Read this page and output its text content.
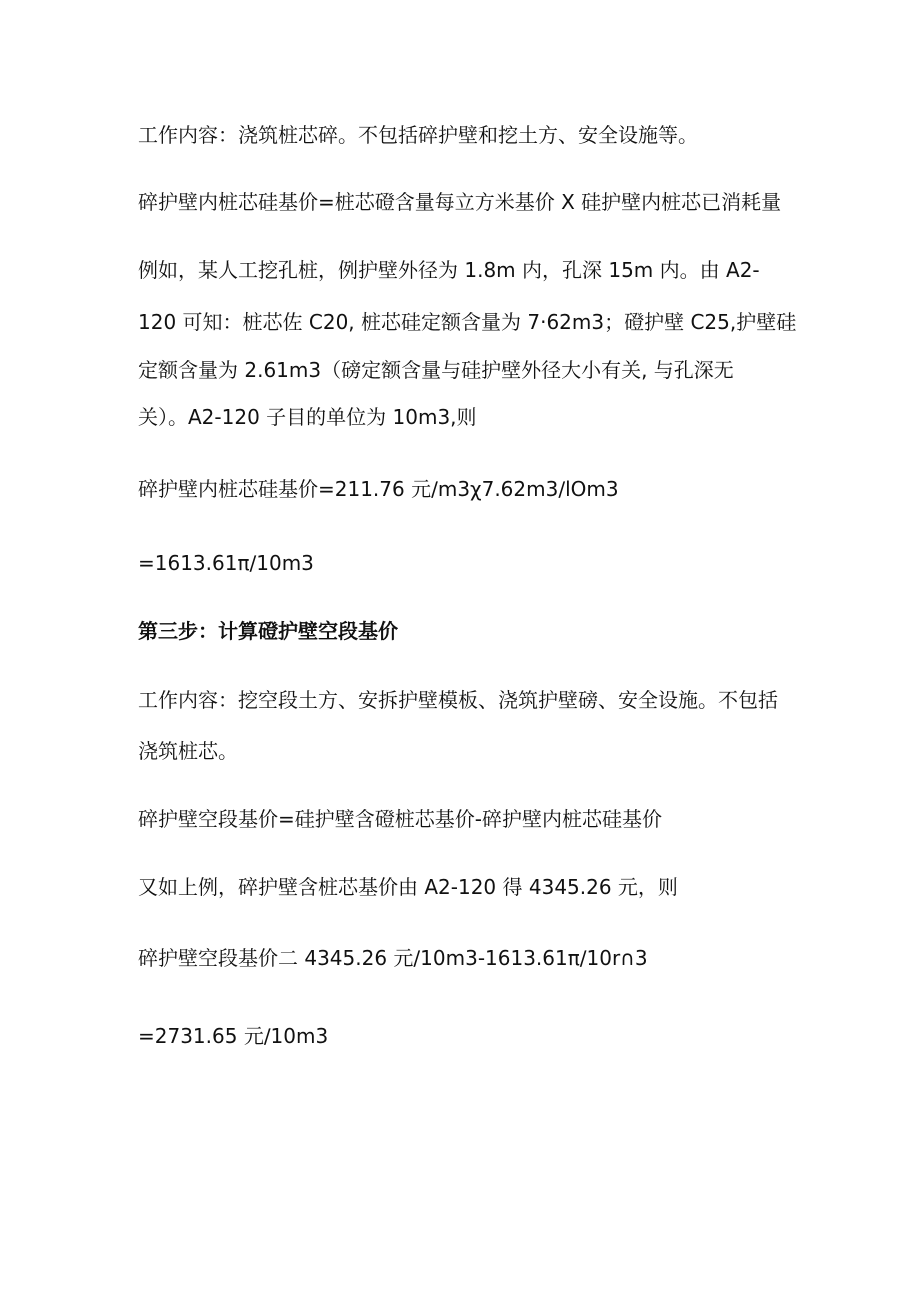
工作内容：浇筑桩芯碎。不包括碎护壁和挖土方、安全设施等。
碎护壁内桩芯硅基价=桩芯磴含量每立方米基价 X 硅护壁内桩芯已消耗量
例如，某人工挖孔桩，例护壁外径为 1.8m 内，孔深 15m 内。由 A2-
120 可知：桩芯佐 C20, 桩芯硅定额含量为 7·62m3；磴护壁 C25,护壁硅
定额含量为 2.61m3（磅定额含量与硅护壁外径大小有关, 与孔深无
关）。A2-120 子目的单位为 10m3,则
碎护壁内桩芯硅基价=211.76 元∕m3χ7.62m3∕lOm3
=1613.61π∕10m3
第三步：计算磴护壁空段基价
工作内容：挖空段土方、安拆护壁模板、浇筑护壁磅、安全设施。不包括
浇筑桩芯。
碎护壁空段基价=硅护壁含磴桩芯基价-碎护壁内桩芯硅基价
又如上例，碎护壁含桩芯基价由 A2-120 得 4345.26 元，则
碎护壁空段基价二 4345.26 元∕10m3-1613.61π∕10r∩3
=2731.65 元∕10m3
